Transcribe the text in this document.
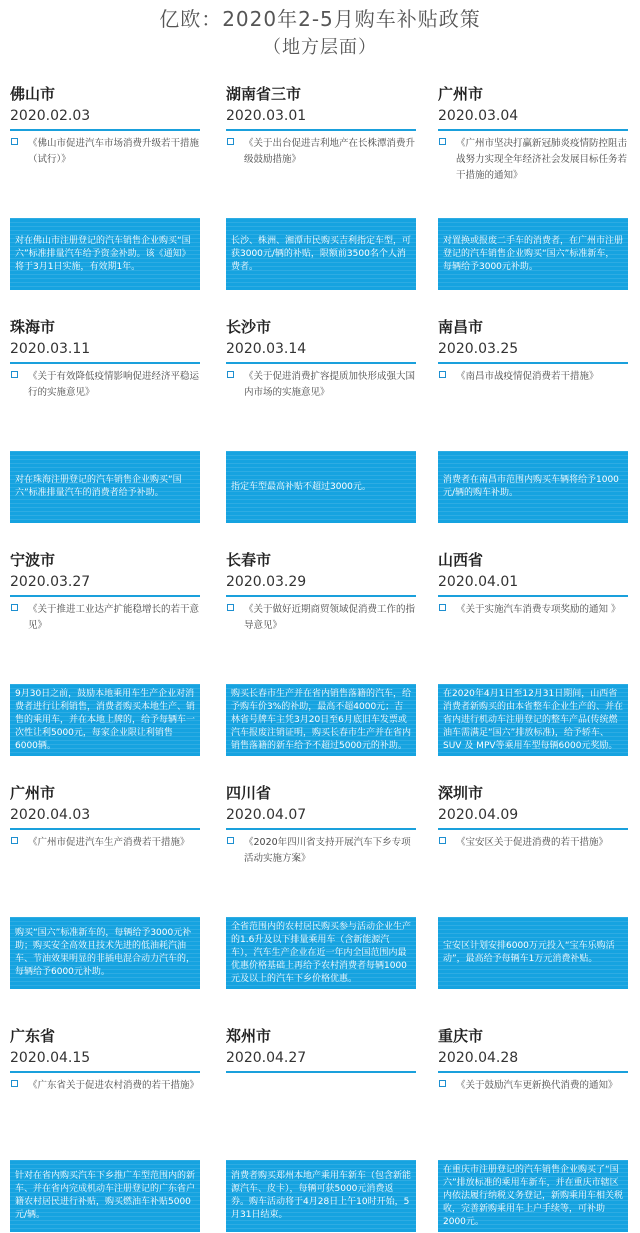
亿欧：2020年2-5月购车补贴政策
（地方层面）
佛山市
2020.02.03
《佛山市促进汽车市场消费升级若干措施（试行）》
对在佛山市注册登记的汽车销售企业购买“国六”标准排量汽车给予资金补助。该《通知》将于3月1日实施，有效期1年。
湖南省三市
2020.03.01
《关于出台促进吉利地产在长株潭消费升级鼓励措施》
长沙、株洲、湘潭市民购买吉利指定车型，可获3000元/辆的补贴，限额前3500名个人消费者。
广州市
2020.03.04
《广州市坚决打赢新冠肺炎疫情防控阻击战努力实现全年经济社会发展目标任务若干措施的通知》
对置换或报废二手车的消费者，在广州市注册登记的汽车销售企业购买“国六”标准新车，每辆给予3000元补助。
珠海市
2020.03.11
《关于有效降低疫情影响促进经济平稳运行的实施意见》
对在珠海注册登记的汽车销售企业购买“国六”标准排量汽车的消费者给予补助。
长沙市
2020.03.14
《关于促进消费扩容提质加快形成强大国内市场的实施意见》
指定车型最高补贴不超过3000元。
南昌市
2020.03.25
《南昌市战疫情促消费若干措施》
消费者在南昌市范围内购买车辆将给予1000元/辆的购车补助。
宁波市
2020.03.27
《关于推进工业达产扩能稳增长的若干意见》
9月30日之前，鼓励本地乘用车生产企业对消费者进行让利销售，消费者购买本地生产、销售的乘用车，并在本地上牌的，给予每辆车一次性让利5000元，每家企业限让利销售6000辆。
长春市
2020.03.29
《关于做好近期商贸领域促消费工作的指导意见》
购买长春市生产并在省内销售落籍的汽车，给予购车价3%的补助，最高不超4000元；吉林省号牌车主凭3月20日至6月底旧车发票或汽车报废注销证明，购买长春市生产并在省内销售落籍的新车给予不超过5000元的补助。
山西省
2020.04.01
《关于实施汽车消费专项奖励的通知 》
在2020年4月1日至12月31日期间，山西省消费者新购买的由本省整车企业生产的、并在省内进行机动车注册登记的整车产品(传统燃油车需满足“国六”排放标准)，给予轿车、SUV 及 MPV等乘用车型每辆6000元奖励。
广州市
2020.04.03
《广州市促进汽车生产消费若干措施》
购买“国六”标准新车的，每辆给予3000元补助；购买安全高效且技术先进的低油耗汽油车、节油效果明显的非插电混合动力汽车的，每辆给予6000元补助。
四川省
2020.04.07
《2020年四川省支持开展汽车下乡专项活动实施方案》
全省范围内的农村居民购买参与活动企业生产的1.6升及以下排量乘用车（含新能源汽车），汽车生产企业在近一年内全国范围内最优惠价格基础上再给予农村消费者每辆1000元及以上的汽车下乡价格优惠。
深圳市
2020.04.09
《宝安区关于促进消费的若干措施》
宝安区计划安排6000万元投入“宝车乐购活动”，最高给予每辆车1万元消费补贴。
广东省
2020.04.15
《广东省关于促进农村消费的若干措施》
针对在省内购买汽车下乡推广车型范围内的新车、并在省内完成机动车注册登记的广东省户籍农村居民进行补贴，购买燃油车补贴5000元/辆。
郑州市
2020.04.27
消费者购买郑州本地产乘用车新车（包含新能源汽车、皮卡），每辆可获5000元消费返券。购车活动将于4月28日上午10时开始，5月31日结束。
重庆市
2020.04.28
《关于鼓励汽车更新换代消费的通知》
在重庆市注册登记的汽车销售企业购买了“国六”排放标准的乘用车新车，并在重庆市辖区内依法履行纳税义务登记，新购乘用车相关税收，完善新购乘用车上户手续等，可补助2000元。
